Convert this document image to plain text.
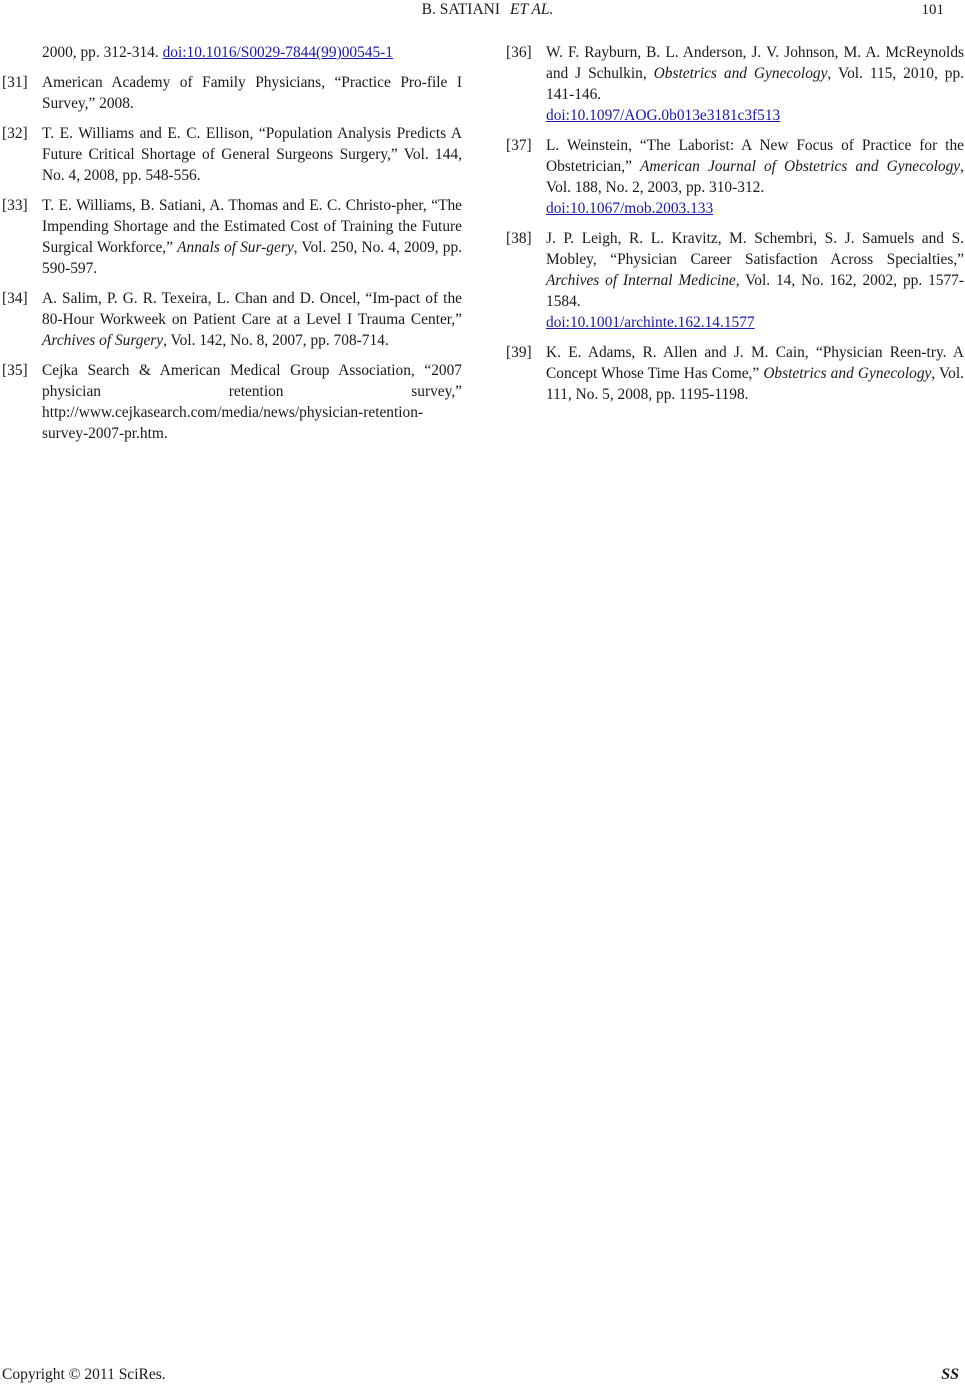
B. SATIANI ET AL.	101
2000, pp. 312-314. doi:10.1016/S0029-7844(99)00545-1
[31] American Academy of Family Physicians, “Practice Pro-file I Survey,” 2008.
[32] T. E. Williams and E. C. Ellison, “Population Analysis Predicts A Future Critical Shortage of General Surgeons Surgery,” Vol. 144, No. 4, 2008, pp. 548-556.
[33] T. E. Williams, B. Satiani, A. Thomas and E. C. Christo-pher, “The Impending Shortage and the Estimated Cost of Training the Future Surgical Workforce,” Annals of Sur-gery, Vol. 250, No. 4, 2009, pp. 590-597.
[34] A. Salim, P. G. R. Texeira, L. Chan and D. Oncel, “Im-pact of the 80-Hour Workweek on Patient Care at a Level I Trauma Center,” Archives of Surgery, Vol. 142, No. 8, 2007, pp. 708-714.
[35] Cejka Search & American Medical Group Association, “2007 physician retention survey,” http://www.cejkasearch.com/media/news/physician-retention-survey-2007-pr.htm.
[36] W. F. Rayburn, B. L. Anderson, J. V. Johnson, M. A. McReynolds and J Schulkin, Obstetrics and Gynecology, Vol. 115, 2010, pp. 141-146.
doi:10.1097/AOG.0b013e3181c3f513
[37] L. Weinstein, “The Laborist: A New Focus of Practice for the Obstetrician,” American Journal of Obstetrics and Gynecology, Vol. 188, No. 2, 2003, pp. 310-312.
doi:10.1067/mob.2003.133
[38] J. P. Leigh, R. L. Kravitz, M. Schembri, S. J. Samuels and S. Mobley, “Physician Career Satisfaction Across Specialties,” Archives of Internal Medicine, Vol. 14, No. 162, 2002, pp. 1577-1584.
doi:10.1001/archinte.162.14.1577
[39] K. E. Adams, R. Allen and J. M. Cain, “Physician Reen-try. A Concept Whose Time Has Come,” Obstetrics and Gynecology, Vol. 111, No. 5, 2008, pp. 1195-1198.
Copyright © 2011 SciRes.	SS
